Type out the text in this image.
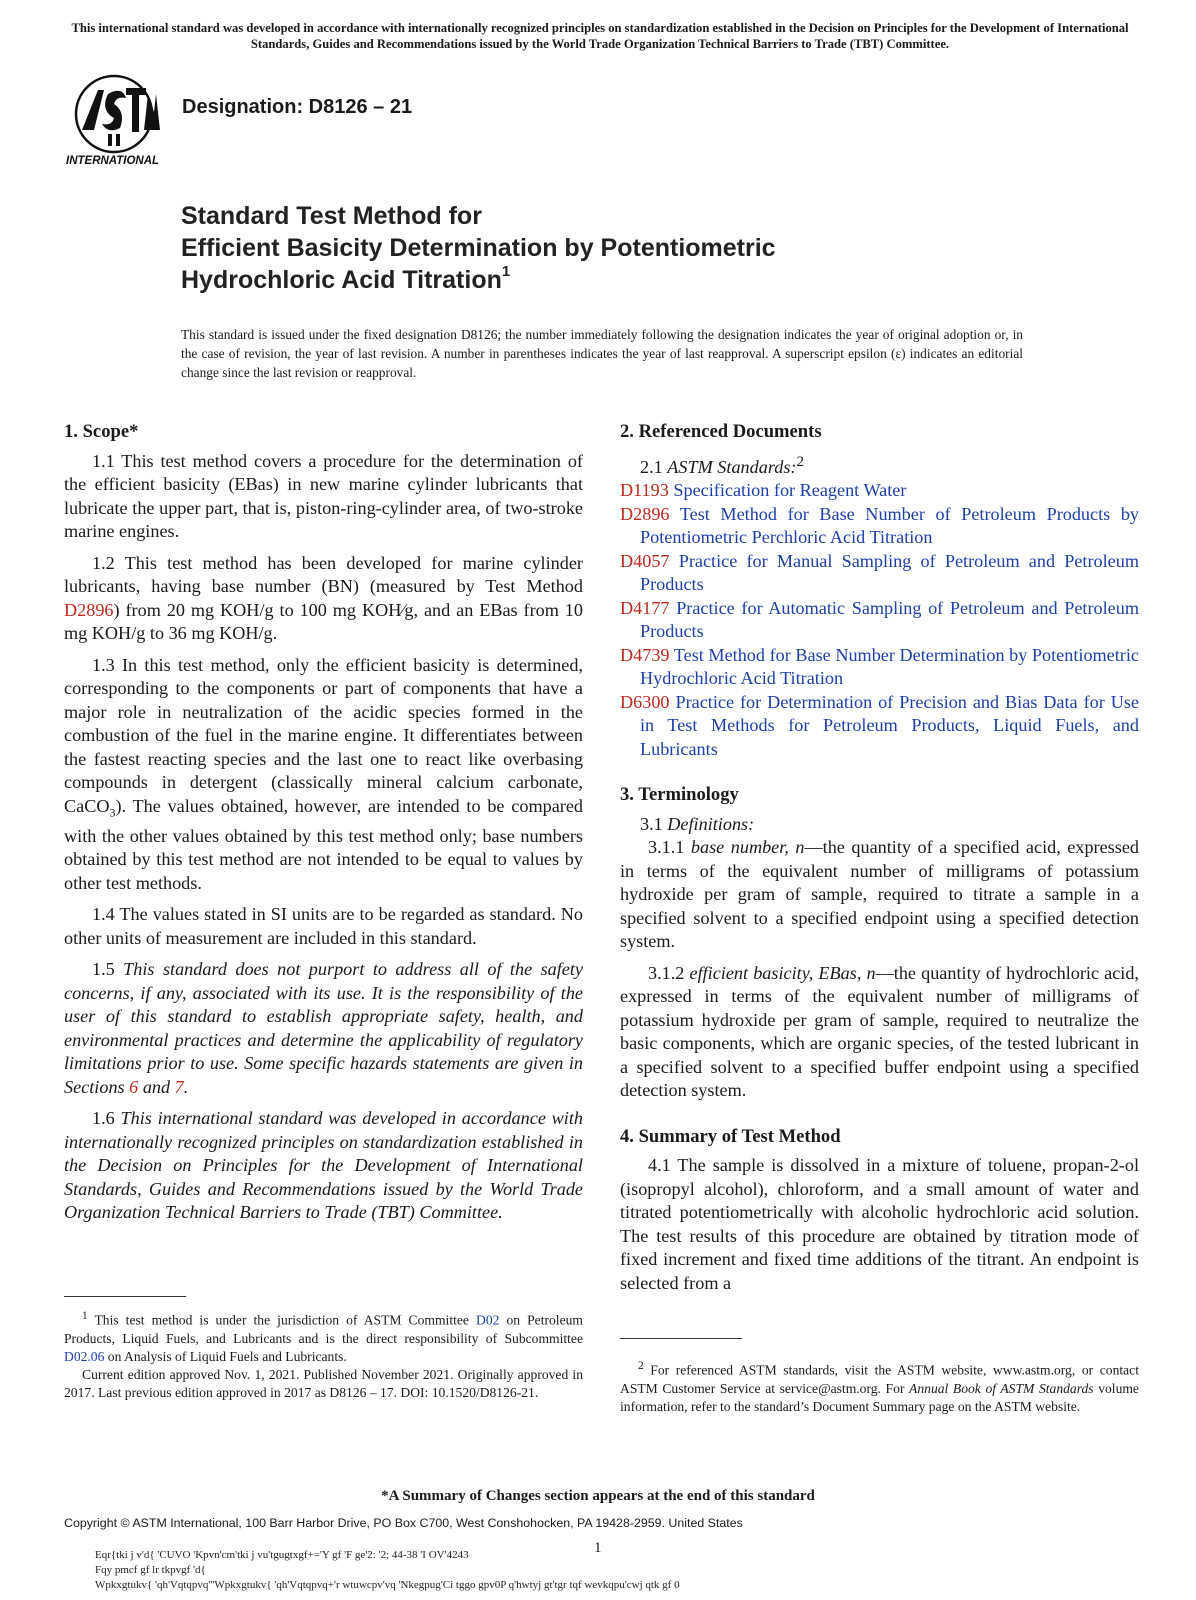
This international standard was developed in accordance with internationally recognized principles on standardization established in the Decision on Principles for the Development of International Standards, Guides and Recommendations issued by the World Trade Organization Technical Barriers to Trade (TBT) Committee.
INTERNATIONAL
Designation: D8126 – 21
Standard Test Method for
Efficient Basicity Determination by Potentiometric
Hydrochloric Acid Titration$^1$
This standard is issued under the fixed designation D8126; the number immediately following the designation indicates the year of original adoption or, in the case of revision, the year of last revision. A number in parentheses indicates the year of last reapproval. A superscript epsilon (ε) indicates an editorial change since the last revision or reapproval.
1. Scope*

1.1 This test method covers a procedure for the determination of the efficient basicity (EBas) in new marine cylinder lubricants that lubricate the upper part, that is, piston-ring-cylinder area, of two-stroke marine engines.

1.2 This test method has been developed for marine cylinder lubricants, having base number (BN) (measured by Test Method D2896) from 20 mg KOH/g to 100 mg KOH⁄g, and an EBas from 10 mg KOH/g to 36 mg KOH/g.

1.3 In this test method, only the efficient basicity is determined, corresponding to the components or part of components that have a major role in neutralization of the acidic species formed in the combustion of the fuel in the marine engine. It differentiates between the fastest reacting species and the last one to react like overbasing compounds in detergent (classically mineral calcium carbonate, CaCO$_3$). The values obtained, however, are intended to be compared with the other values obtained by this test method only; base numbers obtained by this test method are not intended to be equal to values by other test methods.

1.4 The values stated in SI units are to be regarded as standard. No other units of measurement are included in this standard.

1.5 This standard does not purport to address all of the safety concerns, if any, associated with its use. It is the responsibility of the user of this standard to establish appropriate safety, health, and environmental practices and determine the applicability of regulatory limitations prior to use. Some specific hazards statements are given in Sections 6 and 7.

1.6 This international standard was developed in accordance with internationally recognized principles on standardization established in the Decision on Principles for the Development of International Standards, Guides and Recommendations issued by the World Trade Organization Technical Barriers to Trade (TBT) Committee.

$^1$ This test method is under the jurisdiction of ASTM Committee D02 on Petroleum Products, Liquid Fuels, and Lubricants and is the direct responsibility of Subcommittee D02.06 on Analysis of Liquid Fuels and Lubricants.

Current edition approved Nov. 1, 2021. Published November 2021. Originally approved in 2017. Last previous edition approved in 2017 as D8126 – 17. DOI: 10.1520/D8126-21.

2. Referenced Documents

2.1 ASTM Standards:$^2$

D1193 Specification for Reagent Water
D2896 Test Method for Base Number of Petroleum Products by Potentiometric Perchloric Acid Titration
D4057 Practice for Manual Sampling of Petroleum and Petroleum Products
D4177 Practice for Automatic Sampling of Petroleum and Petroleum Products
D4739 Test Method for Base Number Determination by Potentiometric Hydrochloric Acid Titration
D6300 Practice for Determination of Precision and Bias Data for Use in Test Methods for Petroleum Products, Liquid Fuels, and Lubricants
3. Terminology

3.1 Definitions:

3.1.1 base number, n—the quantity of a specified acid, expressed in terms of the equivalent number of milligrams of potassium hydroxide per gram of sample, required to titrate a sample in a specified solvent to a specified endpoint using a specified detection system.

3.1.2 efficient basicity, EBas, n—the quantity of hydrochloric acid, expressed in terms of the equivalent number of milligrams of potassium hydroxide per gram of sample, required to neutralize the basic components, which are organic species, of the tested lubricant in a specified solvent to a specified buffer endpoint using a specified detection system.

4. Summary of Test Method

4.1 The sample is dissolved in a mixture of toluene, propan-2-ol (isopropyl alcohol), chloroform, and a small amount of water and titrated potentiometrically with alcoholic hydrochloric acid solution. The test results of this procedure are obtained by titration mode of fixed increment and fixed time additions of the titrant. An endpoint is selected from a

$^2$ For referenced ASTM standards, visit the ASTM website, www.astm.org, or contact ASTM Customer Service at service@astm.org. For Annual Book of ASTM Standards volume information, refer to the standard’s Document Summary page on the ASTM website.

*A Summary of Changes section appears at the end of this standard
Copyright © ASTM International, 100 Barr Harbor Drive, PO Box C700, West Conshohocken, PA 19428-2959. United States
1
Eqr{tki j v'd{ 'CUVO 'Kpvn'cm'tki j vu'tgugtxgf+='Y gf 'F ge'2: '2; 44-38 'I OV'4243
Fqy pmcf gf lr tkpvgf 'd{
Wpkxgtukv{ 'qh'Vqtqpvq'''Wpkxgtukv{ 'qh'Vqtqpvq+'r wtuwcpv'vq 'Nkegpug'Ci tggo gpv0P q'hwtyj gt'tgr tqf wevkqpu'cwj qtk gf 0
